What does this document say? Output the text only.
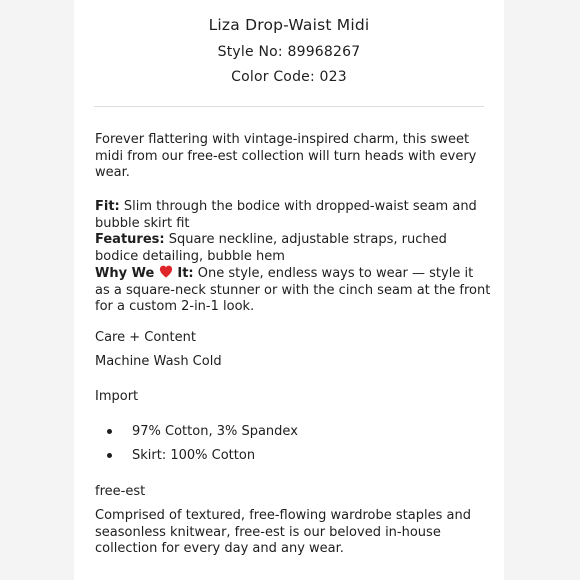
Liza Drop-Waist Midi
Style No: 89968267
Color Code: 023
Forever flattering with vintage-inspired charm, this sweet midi from our free-est collection will turn heads with every wear.
Fit: Slim through the bodice with dropped-waist seam and bubble skirt fit
Features: Square neckline, adjustable straps, ruched bodice detailing, bubble hem
Why We  It: One style, endless ways to wear — style it as a square-neck stunner or with the cinch seam at the front for a custom 2-in-1 look.
Care + Content
Machine Wash Cold
Import
97% Cotton, 3% Spandex
Skirt: 100% Cotton
free-est
Comprised of textured, free-flowing wardrobe staples and seasonless knitwear, free-est is our beloved in-house collection for every day and any wear.
